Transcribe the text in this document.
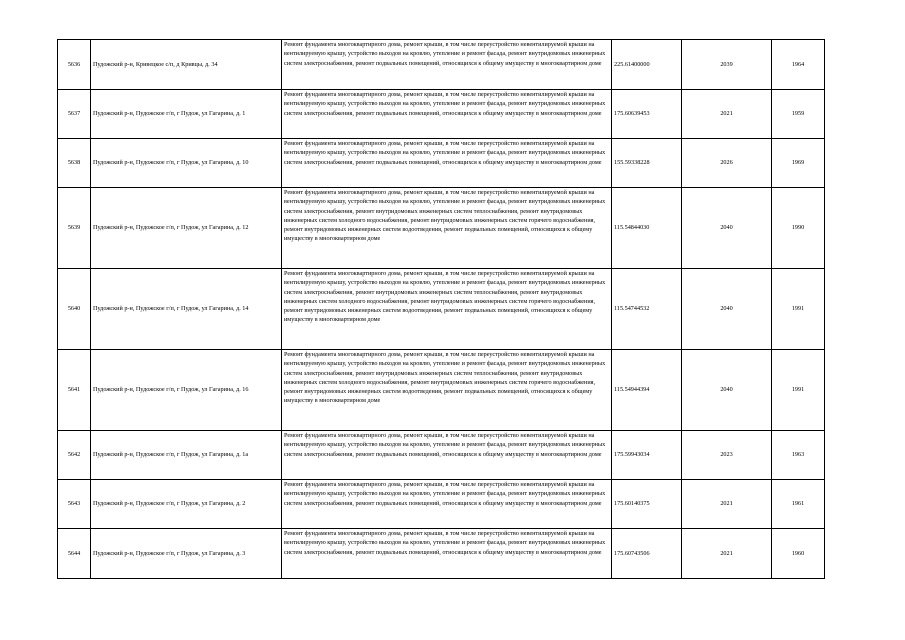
5636	Пудожский р-н, Кривецкое с/п, д Кривцы, д. 34	Ремонт фундамента многоквартирного дома, ремонт крыши, в том числе переустройство невентилируемой крыши на вентилируемую крышу, устройство выходов на кровлю, утепление и ремонт фасада, ремонт внутридомовых инженерных систем электроснабжения, ремонт подвальных помещений, относящихся к общему имуществу в многоквартирном доме	225.61400000	2039	1964
5637	Пудожский р-н, Пудожское г/п, г Пудож, ул Гагарина, д. 1	Ремонт фундамента многоквартирного дома, ремонт крыши, в том числе переустройство невентилируемой крыши на вентилируемую крышу, устройство выходов на кровлю, утепление и ремонт фасада, ремонт внутридомовых инженерных систем электроснабжения, ремонт подвальных помещений, относящихся к общему имуществу в многоквартирном доме	175.60639453	2021	1959
5638	Пудожский р-н, Пудожское г/п, г Пудож, ул Гагарина, д. 10	Ремонт фундамента многоквартирного дома, ремонт крыши, в том числе переустройство невентилируемой крыши на вентилируемую крышу, устройство выходов на кровлю, утепление и ремонт фасада, ремонт внутридомовых инженерных систем электроснабжения, ремонт подвальных помещений, относящихся к общему имуществу в многоквартирном доме	155.59338228	2026	1969
5639	Пудожский р-н, Пудожское г/п, г Пудож, ул Гагарина, д. 12	Ремонт фундамента многоквартирного дома, ремонт крыши, в том числе переустройство невентилируемой крыши на вентилируемую крышу, устройство выходов на кровлю, утепление и ремонт фасада, ремонт внутридомовых инженерных систем электроснабжения, ремонт внутридомовых инженерных систем теплоснабжения, ремонт внутридомовых инженерных систем холодного водоснабжения, ремонт внутридомовых инженерных систем горячего водоснабжения, ремонт внутридомовых инженерных систем водоотведения, ремонт подвальных помещений, относящихся к общему имуществу в многоквартирном доме	115.54844030	2040	1990
5640	Пудожский р-н, Пудожское г/п, г Пудож, ул Гагарина, д. 14	Ремонт фундамента многоквартирного дома, ремонт крыши, в том числе переустройство невентилируемой крыши на вентилируемую крышу, устройство выходов на кровлю, утепление и ремонт фасада, ремонт внутридомовых инженерных систем электроснабжения, ремонт внутридомовых инженерных систем теплоснабжения, ремонт внутридомовых инженерных систем холодного водоснабжения, ремонт внутридомовых инженерных систем горячего водоснабжения, ремонт внутридомовых инженерных систем водоотведения, ремонт подвальных помещений, относящихся к общему имуществу в многоквартирном доме	115.54744532	2040	1991
5641	Пудожский р-н, Пудожское г/п, г Пудож, ул Гагарина, д. 16	Ремонт фундамента многоквартирного дома, ремонт крыши, в том числе переустройство невентилируемой крыши на вентилируемую крышу, устройство выходов на кровлю, утепление и ремонт фасада, ремонт внутридомовых инженерных систем электроснабжения, ремонт внутридомовых инженерных систем теплоснабжения, ремонт внутридомовых инженерных систем холодного водоснабжения, ремонт внутридомовых инженерных систем горячего водоснабжения, ремонт внутридомовых инженерных систем водоотведения, ремонт подвальных помещений, относящихся к общему имуществу в многоквартирном доме	115.54944394	2040	1991
5642	Пудожский р-н, Пудожское г/п, г Пудож, ул Гагарина, д. 1а	Ремонт фундамента многоквартирного дома, ремонт крыши, в том числе переустройство невентилируемой крыши на вентилируемую крышу, устройство выходов на кровлю, утепление и ремонт фасада, ремонт внутридомовых инженерных систем электроснабжения, ремонт подвальных помещений, относящихся к общему имуществу в многоквартирном доме	175.59943034	2023	1963
5643	Пудожский р-н, Пудожское г/п, г Пудож, ул Гагарина, д. 2	Ремонт фундамента многоквартирного дома, ремонт крыши, в том числе переустройство невентилируемой крыши на вентилируемую крышу, устройство выходов на кровлю, утепление и ремонт фасада, ремонт внутридомовых инженерных систем электроснабжения, ремонт подвальных помещений, относящихся к общему имуществу в многоквартирном доме	175.60140375	2021	1961
5644	Пудожский р-н, Пудожское г/п, г Пудож, ул Гагарина, д. 3	Ремонт фундамента многоквартирного дома, ремонт крыши, в том числе переустройство невентилируемой крыши на вентилируемую крышу, устройство выходов на кровлю, утепление и ремонт фасада, ремонт внутридомовых инженерных систем электроснабжения, ремонт подвальных помещений, относящихся к общему имуществу в многоквартирном доме	175.60743506	2021	1960
